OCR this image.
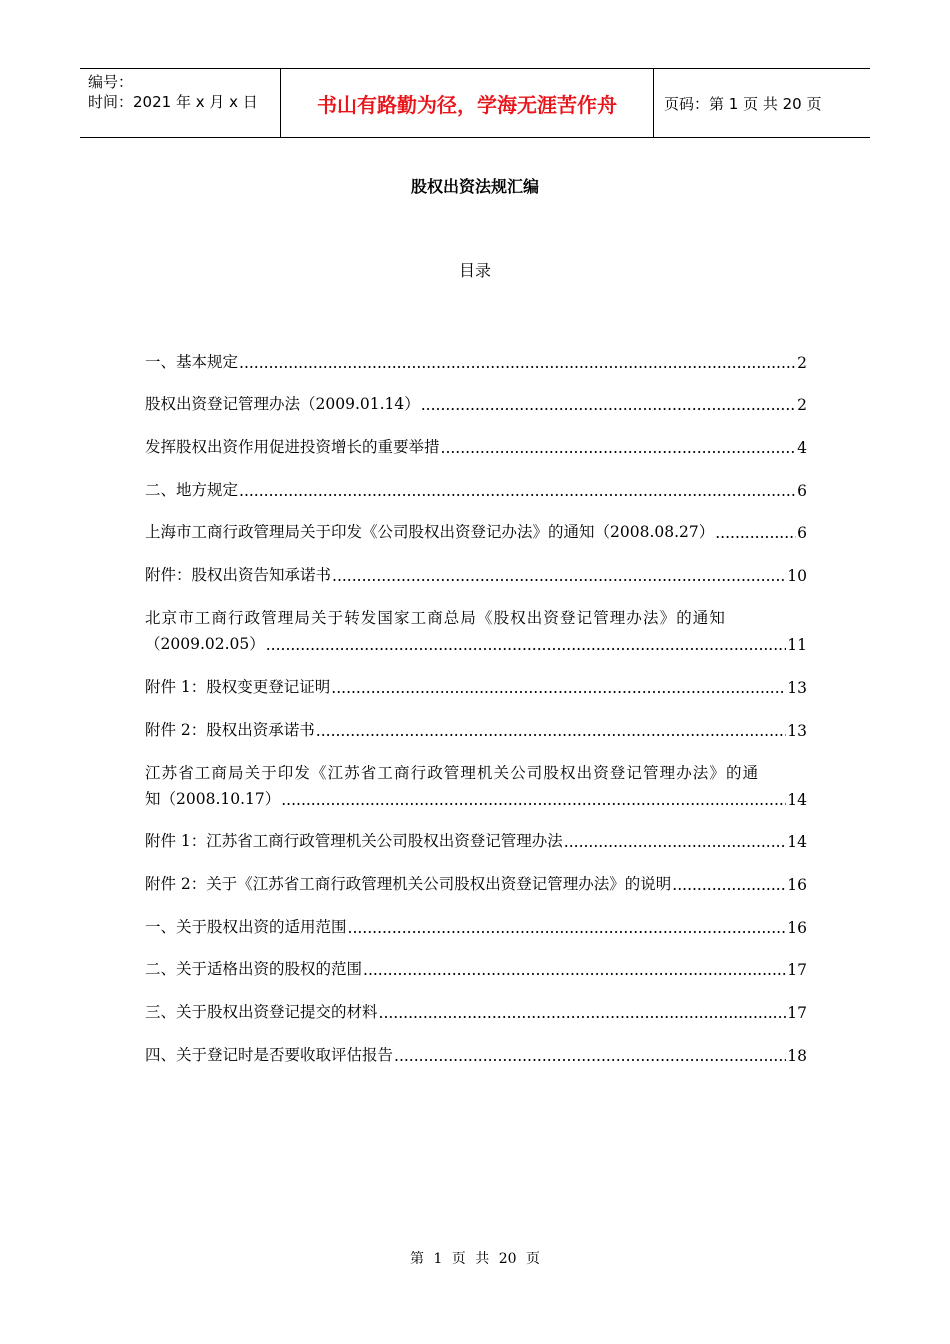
编号：
时间：2021 年 x 月 x 日	书山有路勤为径，学海无涯苦作舟	页码：第 1 页 共 20 页
股权出资法规汇编
目录
一、基本规定 .....	2
股权出资登记管理办法（2009.01.14） .....	2
发挥股权出资作用促进投资增长的重要举措 .....	4
二、地方规定 .....	6
上海市工商行政管理局关于印发《公司股权出资登记办法》的通知（2008.08.27） .....	6
附件：股权出资告知承诺书 .....	10
北京市工商行政管理局关于转发国家工商总局《股权出资登记管理办法》的通知
（2009.02.05） .....	11
附件 1：股权变更登记证明 .....	13
附件 2：股权出资承诺书 .....	13
江苏省工商局关于印发《江苏省工商行政管理机关公司股权出资登记管理办法》的通
知（2008.10.17） .....	14
附件 1：江苏省工商行政管理机关公司股权出资登记管理办法 .....	14
附件 2：关于《江苏省工商行政管理机关公司股权出资登记管理办法》的说明 .....	16
一、关于股权出资的适用范围 .....	16
二、关于适格出资的股权的范围 .....	17
三、关于股权出资登记提交的材料 .....	17
四、关于登记时是否要收取评估报告 .....	18
第 1 页 共 20 页
